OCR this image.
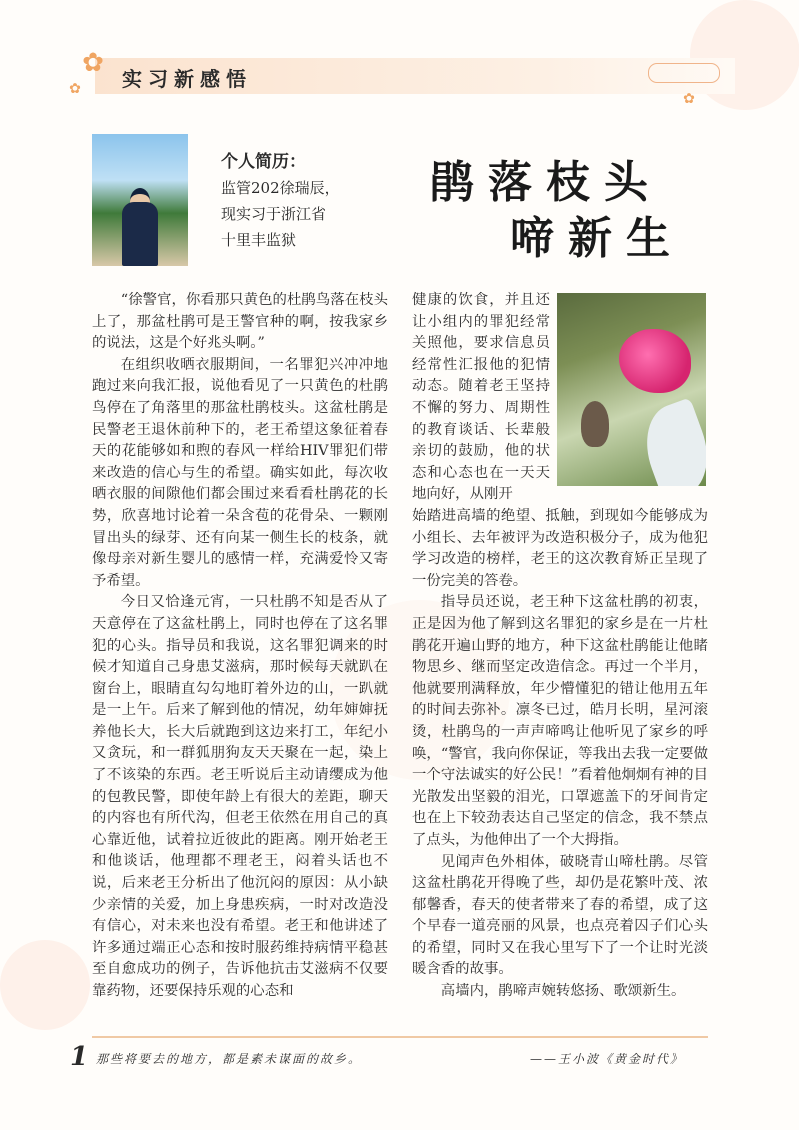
✿
✿
✿
实习新感悟
个人简历：
监管202徐瑞辰，
现实习于浙江省
十里丰监狱
鹃落枝头
啼新生

“徐警官，你看那只黄色的杜鹃鸟落在枝头上了，那盆杜鹃可是王警官种的啊，按我家乡的说法，这是个好兆头啊。”

在组织收晒衣服期间，一名罪犯兴冲冲地跑过来向我汇报，说他看见了一只黄色的杜鹃鸟停在了角落里的那盆杜鹃枝头。这盆杜鹃是民警老王退休前种下的，老王希望这象征着春天的花能够如和煦的春风一样给HIV罪犯们带来改造的信心与生的希望。确实如此，每次收晒衣服的间隙他们都会围过来看看杜鹃花的长势，欣喜地讨论着一朵含苞的花骨朵、一颗刚冒出头的绿芽、还有向某一侧生长的枝条，就像母亲对新生婴儿的感情一样，充满爱怜又寄予希望。

今日又恰逢元宵，一只杜鹃不知是否从了天意停在了这盆杜鹃上，同时也停在了这名罪犯的心头。指导员和我说，这名罪犯调来的时候才知道自己身患艾滋病，那时候每天就趴在窗台上，眼睛直勾勾地盯着外边的山，一趴就是一上午。后来了解到他的情况，幼年婶婶抚养他长大，长大后就跑到这边来打工，年纪小又贪玩，和一群狐朋狗友天天聚在一起，染上了不该染的东西。老王听说后主动请缨成为他的包教民警，即使年龄上有很大的差距，聊天的内容也有所代沟，但老王依然在用自己的真心靠近他，试着拉近彼此的距离。刚开始老王和他谈话，他理都不理老王，闷着头话也不说，后来老王分析出了他沉闷的原因：从小缺少亲情的关爱，加上身患疾病，一时对改造没有信心，对未来也没有希望。老王和他讲述了许多通过端正心态和按时服药维持病情平稳甚至自愈成功的例子，告诉他抗击艾滋病不仅要靠药物，还要保持乐观的心态和

健康的饮食，并且还让小组内的罪犯经常关照他，要求信息员经常性汇报他的犯情动态。随着老王坚持不懈的努力、周期性的教育谈话、长辈般亲切的鼓励，他的状态和心态也在一天天地向好，从刚开

始踏进高墙的绝望、抵触，到现如今能够成为小组长、去年被评为改造积极分子，成为他犯学习改造的榜样，老王的这次教育矫正呈现了一份完美的答卷。

指导员还说，老王种下这盆杜鹃的初衷，正是因为他了解到这名罪犯的家乡是在一片杜鹃花开遍山野的地方，种下这盆杜鹃能让他睹物思乡、继而坚定改造信念。再过一个半月，他就要刑满释放，年少懵懂犯的错让他用五年的时间去弥补。凛冬已过，皓月长明，星河滚烫，杜鹃鸟的一声声啼鸣让他听见了家乡的呼唤，“警官，我向你保证，等我出去我一定要做一个守法诚实的好公民！”看着他炯炯有神的目光散发出坚毅的泪光，口罩遮盖下的牙间肯定也在上下较劲表达自己坚定的信念，我不禁点了点头，为他伸出了一个大拇指。

见闻声色外相体，破晓青山啼杜鹃。尽管这盆杜鹃花开得晚了些，却仍是花繁叶茂、浓郁馨香，春天的使者带来了春的希望，成了这个早春一道亮丽的风景，也点亮着囚子们心头的希望，同时又在我心里写下了一个让时光淡暖含香的故事。

高墙内，鹃啼声婉转悠扬、歌颂新生。

1 那些将要去的地方，都是素未谋面的故乡。	——王小波《黄金时代》
